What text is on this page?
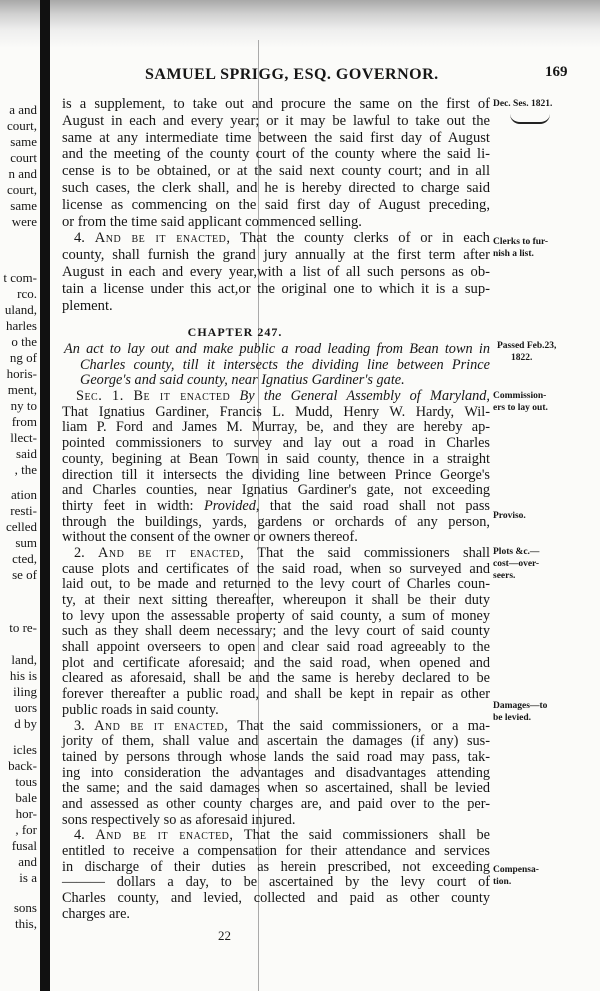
a and
court,
same
court
n and
court,
same
were
t com-
rco.
uland,
harles
o the
ng of
horis-
ment,
ny to
from
llect-
said
, the
ation
resti-
celled
sum
cted,
se of
to re-
land,
his is
iling
uors
d by
icles
back-
tous
bale
hor-
, for
fusal
and
is a
sons
this,
SAMUEL SPRIGG, ESQ. GOVERNOR.	169
is a supplement, to take out and procure the same on the first of
August in each and every year; or it may be lawful to take out the
same at any intermediate time between the said first day of August
and the meeting of the county court of the county where the said li-
cense is to be obtained, or at the said next county court; and in all
such cases, the clerk shall, and he is hereby directed to charge said
license as commencing on the said first day of August preceding,
or from the time said applicant commenced selling.
4. And be it enacted, That the county clerks of or in each
county, shall furnish the grand jury annually at the first term after
August in each and every year,with a list of all such persons as ob-
tain a license under this act,or the original one to which it is a sup-
plement.
CHAPTER 247.
An act to lay out and make public a road leading from Bean town in
Charles county, till it intersects the dividing line between Prince
George's and said county, near Ignatius Gardiner's gate.
Sec. 1. Be it enacted By the General Assembly of Maryland,
That Ignatius Gardiner, Francis L. Mudd, Henry W. Hardy, Wil-
liam P. Ford and James M. Murray, be, and they are hereby ap-
pointed commissioners to survey and lay out a road in Charles
county, begining at Bean Town in said county, thence in a straight
direction till it intersects the dividing line between Prince George's
and Charles counties, near Ignatius Gardiner's gate, not exceeding
thirty feet in width: Provided, that the said road shall not pass
through the buildings, yards, gardens or orchards of any person,
without the consent of the owner or owners thereof.
2. And be it enacted, That the said commissioners shall
cause plots and certificates of the said road, when so surveyed and
laid out, to be made and returned to the levy court of Charles coun-
ty, at their next sitting thereafter, whereupon it shall be their duty
to levy upon the assessable property of said county, a sum of money
such as they shall deem necessary; and the levy court of said county
shall appoint overseers to open and clear said road agreeably to the
plot and certificate aforesaid; and the said road, when opened and
cleared as aforesaid, shall be and the same is hereby declared to be
forever thereafter a public road, and shall be kept in repair as other
public roads in said county.
3. And be it enacted, That the said commissioners, or a ma-
jority of them, shall value and ascertain the damages (if any) sus-
tained by persons through whose lands the said road may pass, tak-
ing into consideration the advantages and disadvantages attending
the same; and the said damages when so ascertained, shall be levied
and assessed as other county charges are, and paid over to the per-
sons respectively so as aforesaid injured.
4. And be it enacted, That the said commissioners shall be
entitled to receive a compensation for their attendance and services
in discharge of their duties as herein prescribed, not exceeding
——— dollars a day, to be ascertained by the levy court of
Charles county, and levied, collected and paid as other county
charges are.
Dec. Ses. 1821.
Clerks to fur-
nish a list.
Passed Feb.23,
1822.
Commission-
ers to lay out.
Proviso.
Plots &c.—
cost—over-
seers.
Damages—to
be levied.
Compensa-
tion.
22
